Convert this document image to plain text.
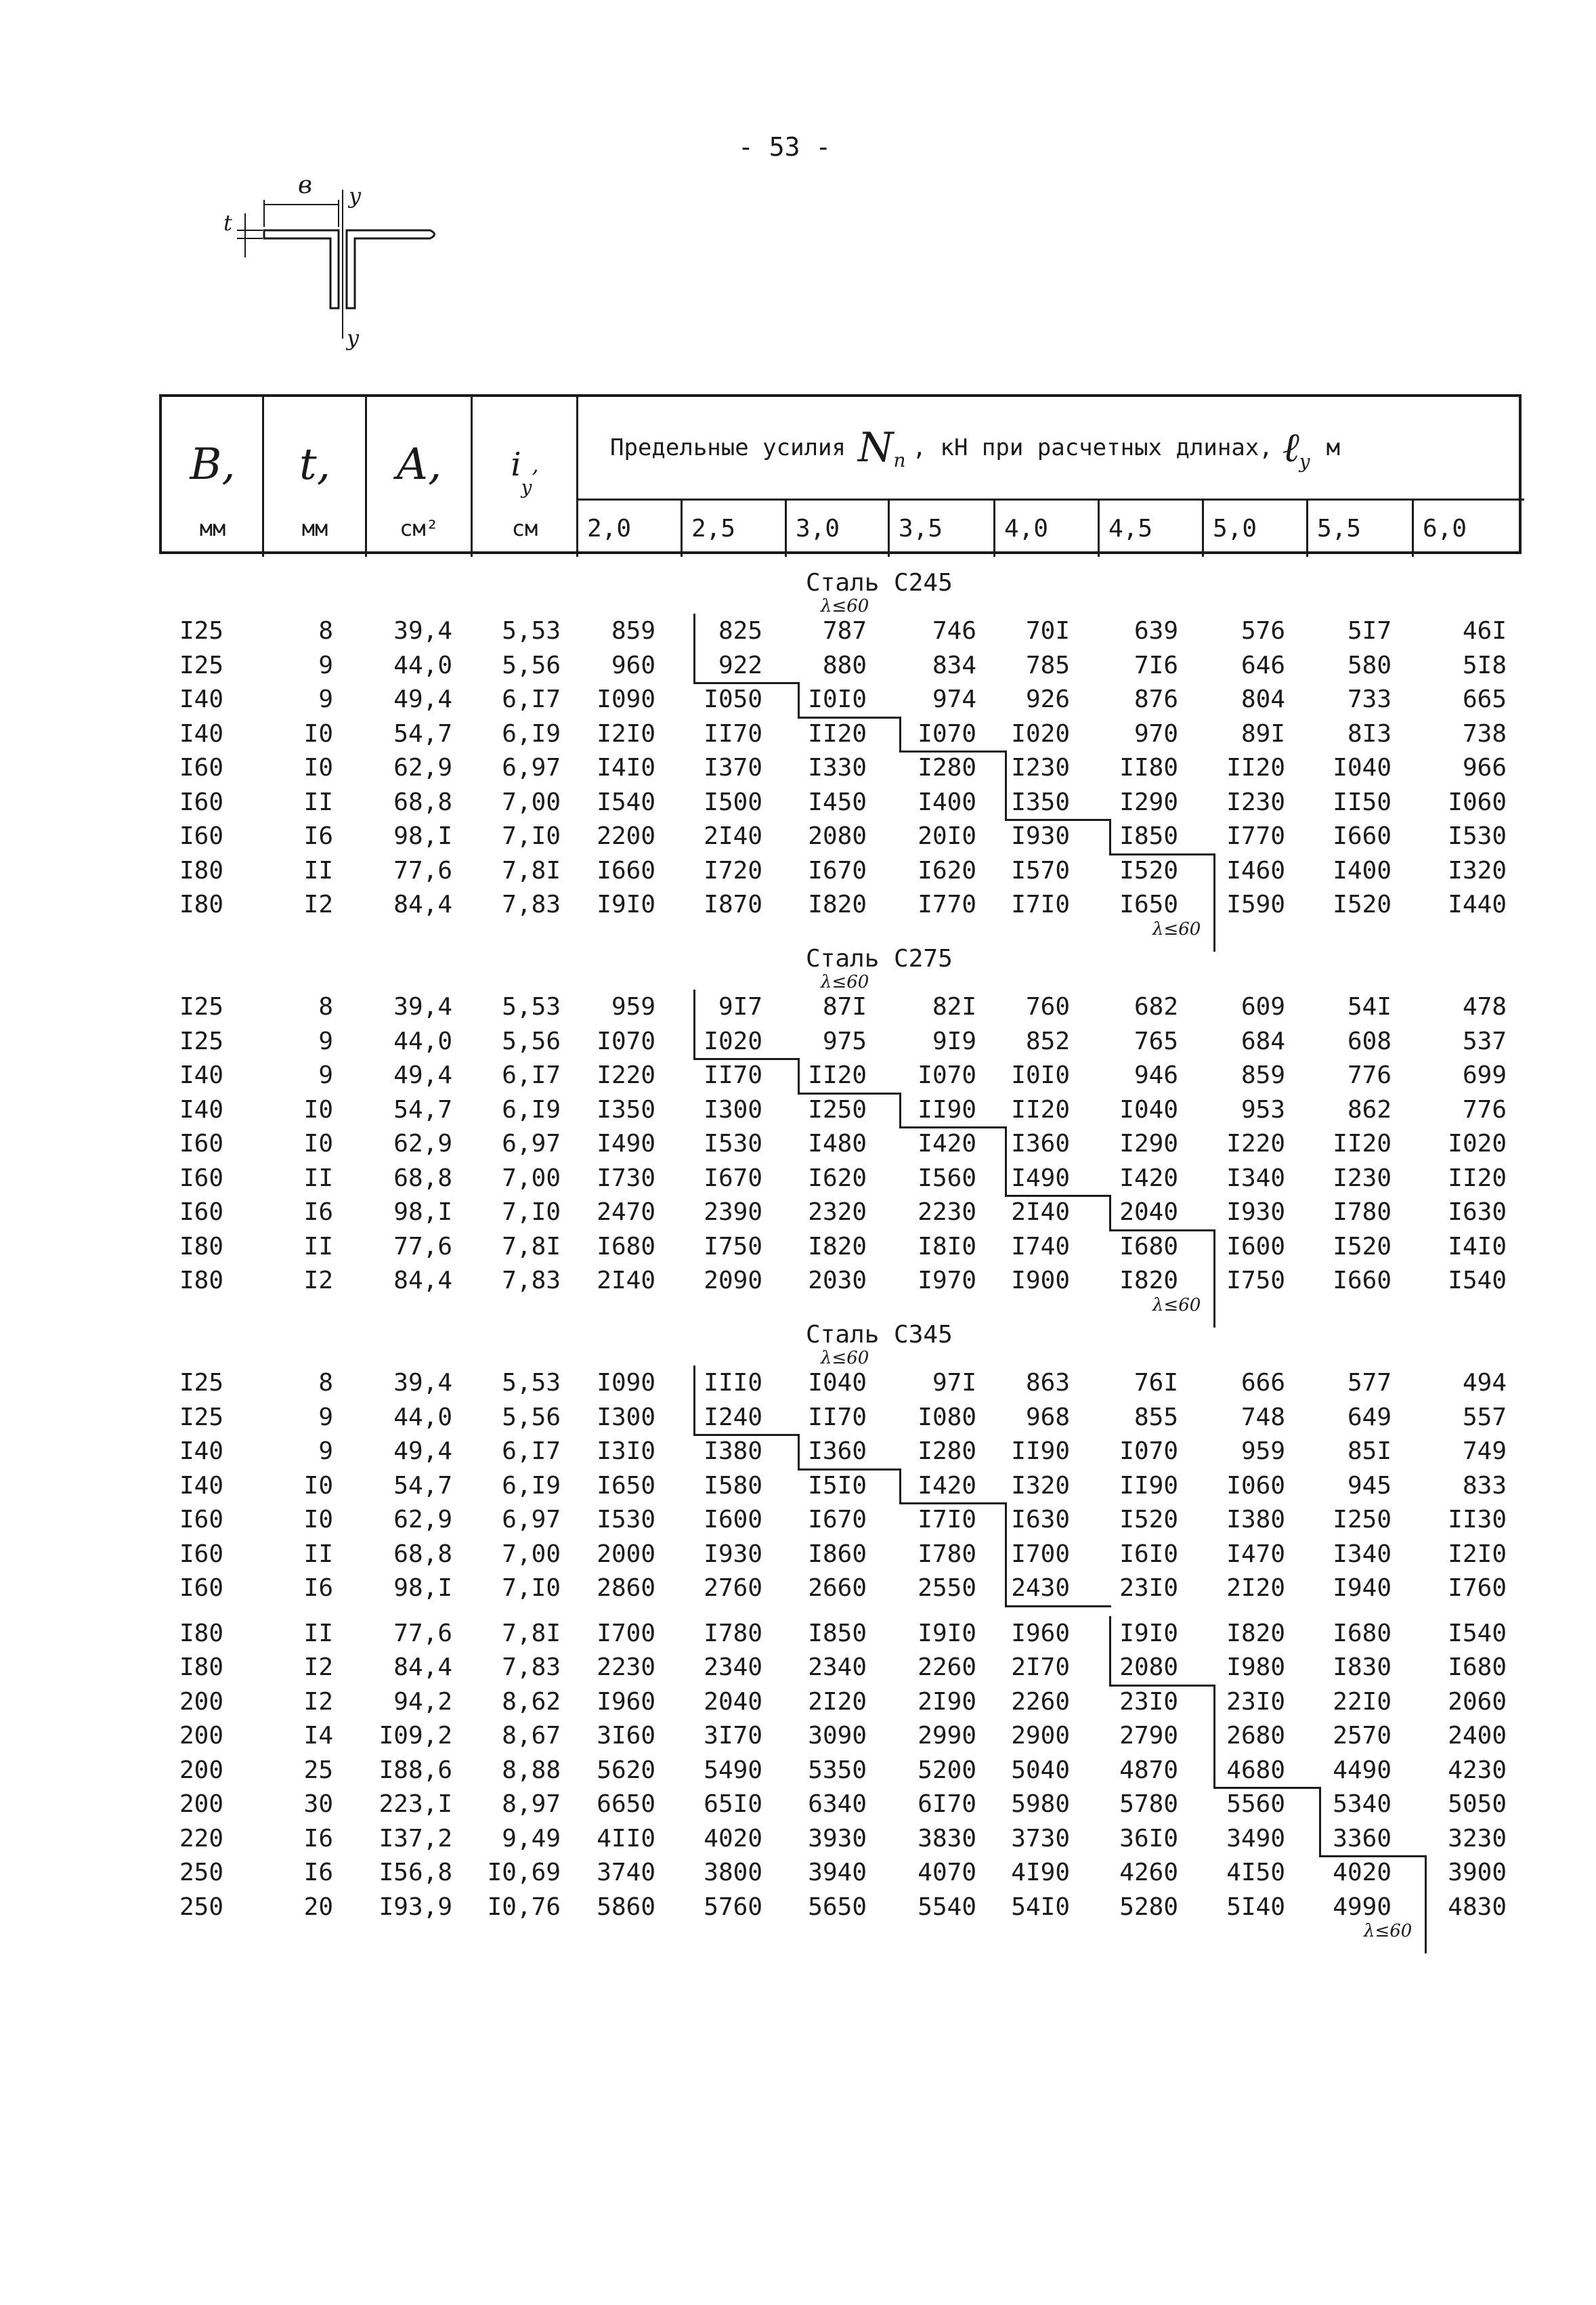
- 53 -
в
t
y
y
В,
мм
t,
мм
A,
см²
i
y
,
см
Предельные усилия N n , кН при расчетных длинах, ℓ y
м
2,0 2,5 3,0 3,5	4,0 4,5 5,0 5,5	6,0
Сталь С245
λ≤60
I25	8 39,4 5,53 859	825 787	746 70I	639	576	5I7	46I
I25	9 44,0 5,56 960	922 880	834 785	7I6	646	580	5I8
I40	9 49,4 6,I7 I090 I050 I0I0	974 926	876	804	733	665
I40	I0 54,7 6,I9 I2I0 II70 II20 I070 I020	970	89I	8I3	738
I60	I0 62,9 6,97 I4I0 I370 I330 I280 I230 II80 II20 I040	966
I60	II 68,8 7,00 I540 I500 I450 I400 I350 I290 I230 II50 I060
I60	I6 98,I 7,I0 2200 2I40 2080 20I0 I930 I850 I770 I660 I530
I80	II 77,6 7,8I I660 I720 I670 I620 I570 I520 I460 I400 I320
I80	I2 84,4 7,83 I9I0 I870 I820 I770 I7I0 I650 I590 I520 I440
λ≤60
Сталь С275
λ≤60
I25	8 39,4 5,53 959	9I7 87I	82I 760	682	609	54I	478
I25	9 44,0 5,56 I070 I020 975	9I9 852	765	684	608	537
I40	9 49,4 6,I7 I220 II70 II20 I070 I0I0	946	859	776	699
I40	I0 54,7 6,I9 I350 I300 I250 II90 II20 I040	953	862	776
I60	I0 62,9 6,97 I490 I530 I480 I420 I360 I290 I220 II20 I020
I60	II 68,8 7,00 I730 I670 I620 I560 I490 I420 I340 I230 II20
I60	I6 98,I 7,I0 2470 2390 2320 2230 2I40 2040 I930 I780 I630
I80	II 77,6 7,8I I680 I750 I820 I8I0 I740 I680 I600 I520 I4I0
I80	I2 84,4 7,83 2I40 2090 2030 I970 I900 I820 I750 I660 I540
λ≤60
Сталь С345
λ≤60
I25	8 39,4 5,53 I090 III0 I040	97I 863	76I	666	577	494
I25	9 44,0 5,56 I300 I240 II70 I080 968	855	748	649	557
I40	9 49,4 6,I7 I3I0 I380 I360 I280 II90 I070	959	85I	749
I40	I0 54,7 6,I9 I650 I580 I5I0 I420 I320 II90 I060	945	833
I60	I0 62,9 6,97 I530 I600 I670 I7I0 I630 I520 I380 I250 II30
I60	II 68,8 7,00 2000 I930 I860 I780 I700 I6I0 I470 I340 I2I0
I60	I6 98,I 7,I0 2860 2760 2660 2550 2430 23I0 2I20 I940 I760
I80	II 77,6 7,8I I700 I780 I850 I9I0 I960 I9I0 I820 I680 I540
I80	I2 84,4 7,83 2230 2340 2340 2260 2I70 2080 I980 I830 I680
200	I2 94,2 8,62 I960 2040 2I20 2I90 2260 23I0 23I0 22I0 2060
200	I4 I09,2 8,67 3I60 3I70 3090 2990 2900 2790 2680 2570 2400
200	25 I88,6 8,88 5620 5490 5350 5200 5040 4870 4680 4490 4230
200	30 223,I 8,97 6650 65I0 6340 6I70 5980 5780 5560 5340 5050
220	I6 I37,2 9,49 4II0 4020 3930 3830 3730 36I0 3490 3360 3230
250	I6 I56,8 I0,69 3740 3800 3940 4070 4I90 4260 4I50 4020 3900
250	20 I93,9 I0,76 5860 5760 5650 5540 54I0 5280 5I40 4990 4830
λ≤60
